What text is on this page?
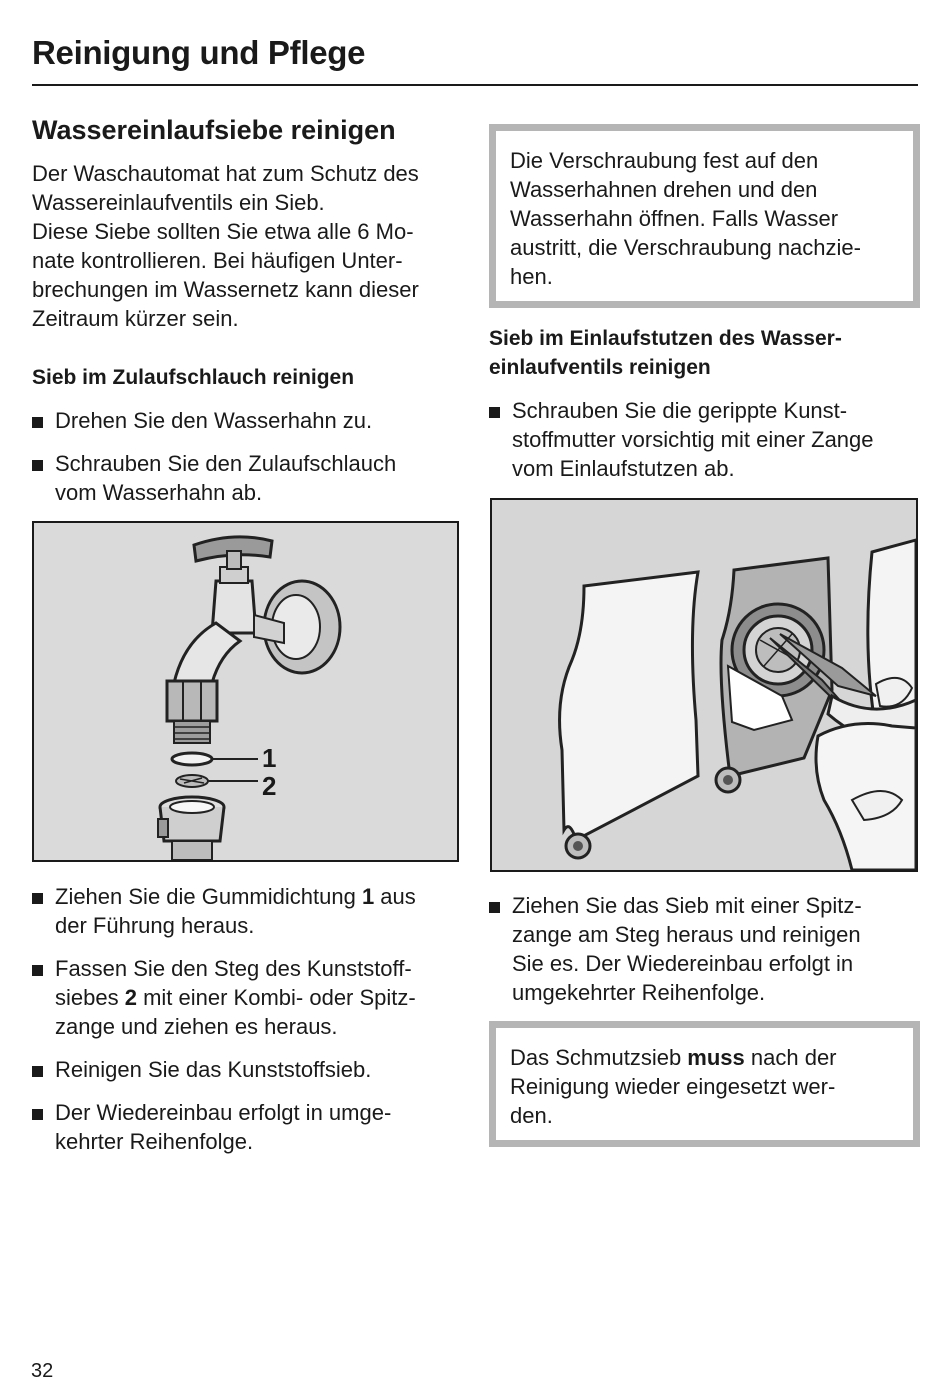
Reinigung und Pflege
Wassereinlaufsiebe reinigen

Der Waschautomat hat zum Schutz des
Wassereinlaufventils ein Sieb.
Diese Siebe sollten Sie etwa alle 6 Mo-
nate kontrollieren. Bei häufigen Unter-
brechungen im Wassernetz kann dieser
Zeitraum kürzer sein.

Sieb im Zulaufschlauch reinigen
Drehen Sie den Wasserhahn zu.
Schrauben Sie den Zulaufschlauch
vom Wasserhahn ab.
1
2
Ziehen Sie die Gummidichtung 1 aus
der Führung heraus.
Fassen Sie den Steg des Kunststoff-
siebes 2 mit einer Kombi- oder Spitz-
zange und ziehen es heraus.
Reinigen Sie das Kunststoffsieb.
Der Wiedereinbau erfolgt in umge-
kehrter Reihenfolge.
Die Verschraubung fest auf den
Wasserhahnen drehen und den
Wasserhahn öffnen. Falls Wasser
austritt, die Verschraubung nachzie-
hen.
Sieb im Einlaufstutzen des Wasser-
einlaufventils reinigen
Schrauben Sie die gerippte Kunst-
stoffmutter vorsichtig mit einer Zange
vom Einlaufstutzen ab.
Ziehen Sie das Sieb mit einer Spitz-
zange am Steg heraus und reinigen
Sie es. Der Wiedereinbau erfolgt in
umgekehrter Reihenfolge.
Das Schmutzsieb muss nach der
Reinigung wieder eingesetzt wer-
den.
32
